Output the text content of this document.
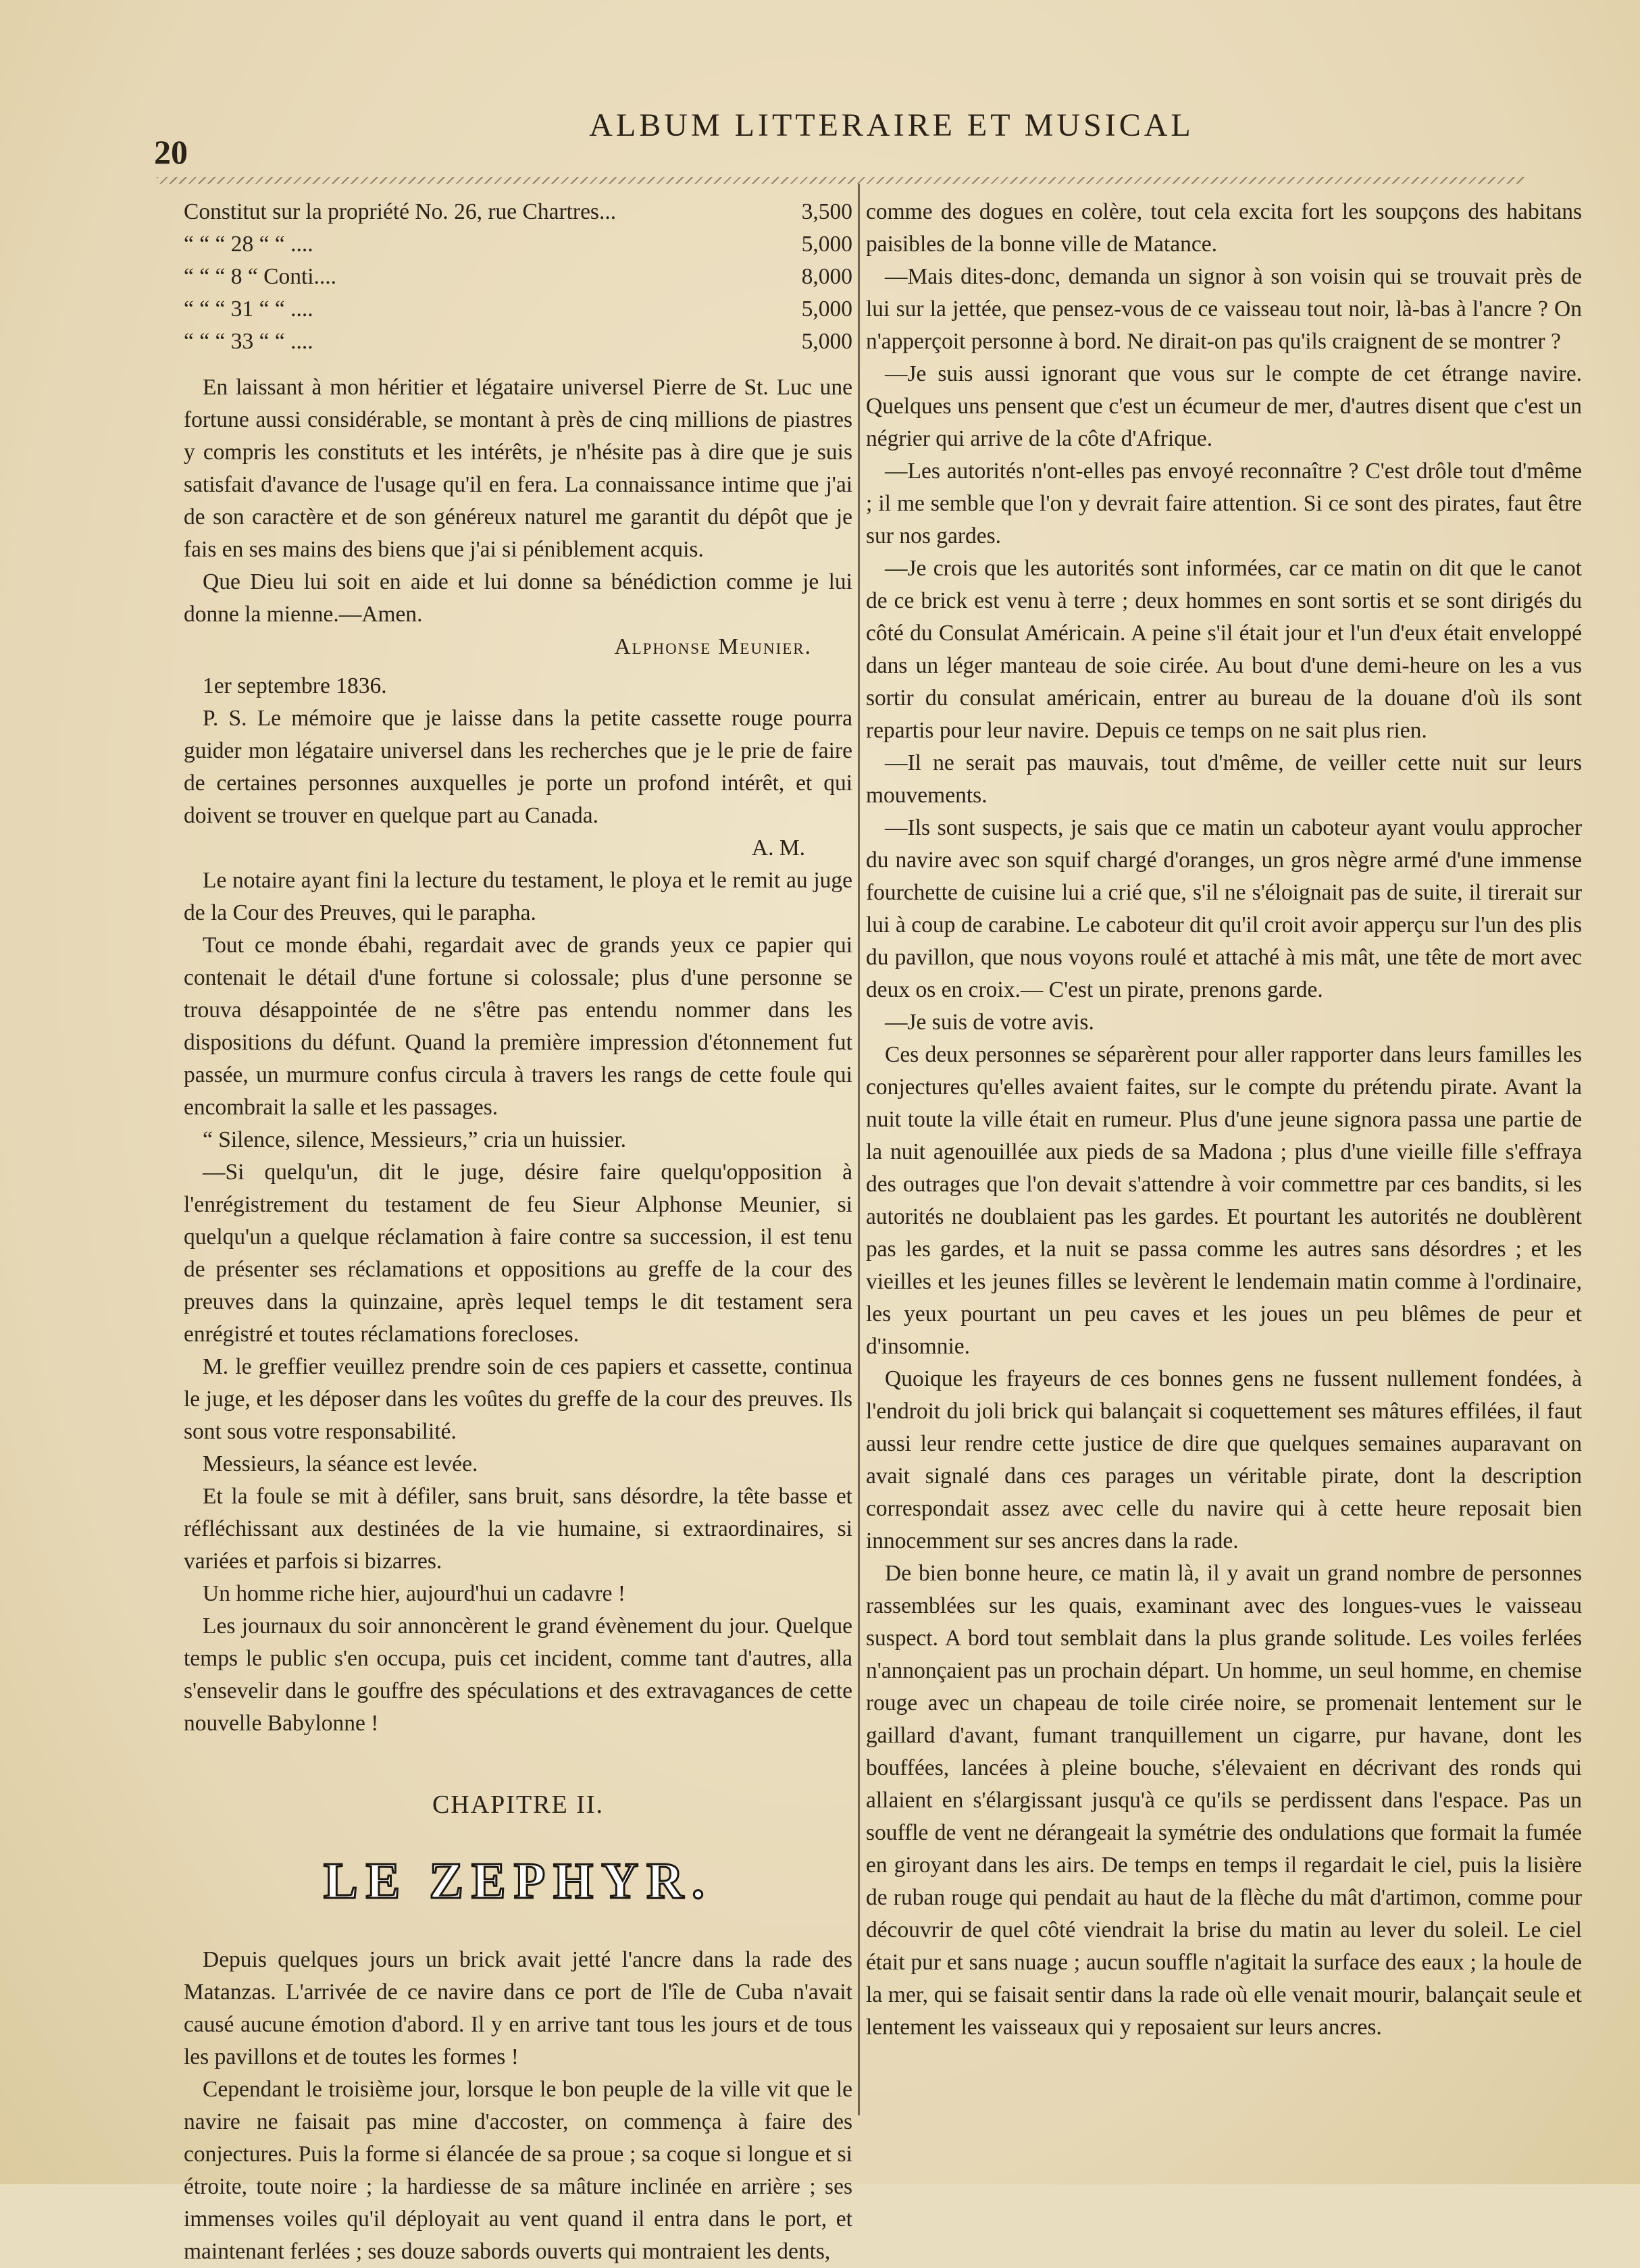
20
ALBUM LITTERAIRE ET MUSICAL
Constitut sur la propriété No. 26, rue Chartres...	3,500
“ “ “ 28 “ “ ....	5,000
“ “ “ 8 “ Conti....	8,000
“ “ “ 31 “ “ ....	5,000
“ “ “ 33 “ “ ....	5,000

En laissant à mon héritier et légataire universel Pierre de St. Luc une fortune aussi considérable, se montant à près de cinq millions de piastres y compris les constituts et les intérêts, je n'hésite pas à dire que je suis satisfait d'avance de l'usage qu'il en fera. La connaissance intime que j'ai de son caractère et de son généreux naturel me garantit du dépôt que je fais en ses mains des biens que j'ai si péniblement acquis.

Que Dieu lui soit en aide et lui donne sa bénédiction comme je lui donne la mienne.—Amen.

Alphonse Meunier.

1er septembre 1836.

P. S. Le mémoire que je laisse dans la petite cassette rouge pourra guider mon légataire universel dans les recherches que je le prie de faire de certaines personnes auxquelles je porte un profond intérêt, et qui doivent se trouver en quelque part au Canada.

A. M.

Le notaire ayant fini la lecture du testament, le ploya et le remit au juge de la Cour des Preuves, qui le parapha.

Tout ce monde ébahi, regardait avec de grands yeux ce papier qui contenait le détail d'une fortune si colossale; plus d'une personne se trouva désappointée de ne s'être pas entendu nommer dans les dispositions du défunt. Quand la première impression d'étonnement fut passée, un murmure confus circula à travers les rangs de cette foule qui encombrait la salle et les passages.

“ Silence, silence, Messieurs,” cria un huissier.

—Si quelqu'un, dit le juge, désire faire quelqu'opposition à l'enrégistrement du testament de feu Sieur Alphonse Meunier, si quelqu'un a quelque réclamation à faire contre sa succession, il est tenu de présenter ses réclamations et oppositions au greffe de la cour des preuves dans la quinzaine, après lequel temps le dit testament sera enrégistré et toutes réclamations forecloses.

M. le greffier veuillez prendre soin de ces papiers et cassette, continua le juge, et les déposer dans les voûtes du greffe de la cour des preuves. Ils sont sous votre responsabilité.

Messieurs, la séance est levée.

Et la foule se mit à défiler, sans bruit, sans désordre, la tête basse et réfléchissant aux destinées de la vie humaine, si extraordinaires, si variées et parfois si bizarres.

Un homme riche hier, aujourd'hui un cadavre !

Les journaux du soir annoncèrent le grand évènement du jour. Quelque temps le public s'en occupa, puis cet incident, comme tant d'autres, alla s'ensevelir dans le gouffre des spéculations et des extravagances de cette nouvelle Babylonne !

CHAPITRE II.
LE ZEPHYR.

Depuis quelques jours un brick avait jetté l'ancre dans la rade des Matanzas. L'arrivée de ce navire dans ce port de l'île de Cuba n'avait causé aucune émotion d'abord. Il y en arrive tant tous les jours et de tous les pavillons et de toutes les formes !

Cependant le troisième jour, lorsque le bon peuple de la ville vit que le navire ne faisait pas mine d'accoster, on commença à faire des conjectures. Puis la forme si élancée de sa proue ; sa coque si longue et si étroite, toute noire ; la hardiesse de sa mâture inclinée en arrière ; ses immenses voiles qu'il déployait au vent quand il entra dans le port, et maintenant ferlées ; ses douze sabords ouverts qui montraient les dents,

comme des dogues en colère, tout cela excita fort les soupçons des habitans paisibles de la bonne ville de Matance.

—Mais dites-donc, demanda un signor à son voisin qui se trouvait près de lui sur la jettée, que pensez-vous de ce vaisseau tout noir, là-bas à l'ancre ? On n'apperçoit personne à bord. Ne dirait-on pas qu'ils craignent de se montrer ?

—Je suis aussi ignorant que vous sur le compte de cet étrange navire. Quelques uns pensent que c'est un écumeur de mer, d'autres disent que c'est un négrier qui arrive de la côte d'Afrique.

—Les autorités n'ont-elles pas envoyé reconnaître ? C'est drôle tout d'même ; il me semble que l'on y devrait faire attention. Si ce sont des pirates, faut être sur nos gardes.

—Je crois que les autorités sont informées, car ce matin on dit que le canot de ce brick est venu à terre ; deux hommes en sont sortis et se sont dirigés du côté du Consulat Américain. A peine s'il était jour et l'un d'eux était enveloppé dans un léger manteau de soie cirée. Au bout d'une demi-heure on les a vus sortir du consulat américain, entrer au bureau de la douane d'où ils sont repartis pour leur navire. Depuis ce temps on ne sait plus rien.

—Il ne serait pas mauvais, tout d'même, de veiller cette nuit sur leurs mouvements.

—Ils sont suspects, je sais que ce matin un caboteur ayant voulu approcher du navire avec son squif chargé d'oranges, un gros nègre armé d'une immense fourchette de cuisine lui a crié que, s'il ne s'éloignait pas de suite, il tirerait sur lui à coup de carabine. Le caboteur dit qu'il croit avoir apperçu sur l'un des plis du pavillon, que nous voyons roulé et attaché à mis mât, une tête de mort avec deux os en croix.— C'est un pirate, prenons garde.

—Je suis de votre avis.

Ces deux personnes se séparèrent pour aller rapporter dans leurs familles les conjectures qu'elles avaient faites, sur le compte du prétendu pirate. Avant la nuit toute la ville était en rumeur. Plus d'une jeune signora passa une partie de la nuit agenouillée aux pieds de sa Madona ; plus d'une vieille fille s'effraya des outrages que l'on devait s'attendre à voir commettre par ces bandits, si les autorités ne doublaient pas les gardes. Et pourtant les autorités ne doublèrent pas les gardes, et la nuit se passa comme les autres sans désordres ; et les vieilles et les jeunes filles se levèrent le lendemain matin comme à l'ordinaire, les yeux pourtant un peu caves et les joues un peu blêmes de peur et d'insomnie.

Quoique les frayeurs de ces bonnes gens ne fussent nullement fondées, à l'endroit du joli brick qui balançait si coquettement ses mâtures effilées, il faut aussi leur rendre cette justice de dire que quelques semaines auparavant on avait signalé dans ces parages un véritable pirate, dont la description correspondait assez avec celle du navire qui à cette heure reposait bien innocemment sur ses ancres dans la rade.

De bien bonne heure, ce matin là, il y avait un grand nombre de personnes rassemblées sur les quais, examinant avec des longues-vues le vaisseau suspect. A bord tout semblait dans la plus grande solitude. Les voiles ferlées n'annonçaient pas un prochain départ. Un homme, un seul homme, en chemise rouge avec un chapeau de toile cirée noire, se promenait lentement sur le gaillard d'avant, fumant tranquillement un cigarre, pur havane, dont les bouffées, lancées à pleine bouche, s'élevaient en décrivant des ronds qui allaient en s'élargissant jusqu'à ce qu'ils se perdissent dans l'espace. Pas un souffle de vent ne dérangeait la symétrie des ondulations que formait la fumée en giroyant dans les airs. De temps en temps il regardait le ciel, puis la lisière de ruban rouge qui pendait au haut de la flèche du mât d'artimon, comme pour découvrir de quel côté viendrait la brise du matin au lever du soleil. Le ciel était pur et sans nuage ; aucun souffle n'agitait la surface des eaux ; la houle de la mer, qui se faisait sentir dans la rade où elle venait mourir, balançait seule et lentement les vaisseaux qui y reposaient sur leurs ancres.
